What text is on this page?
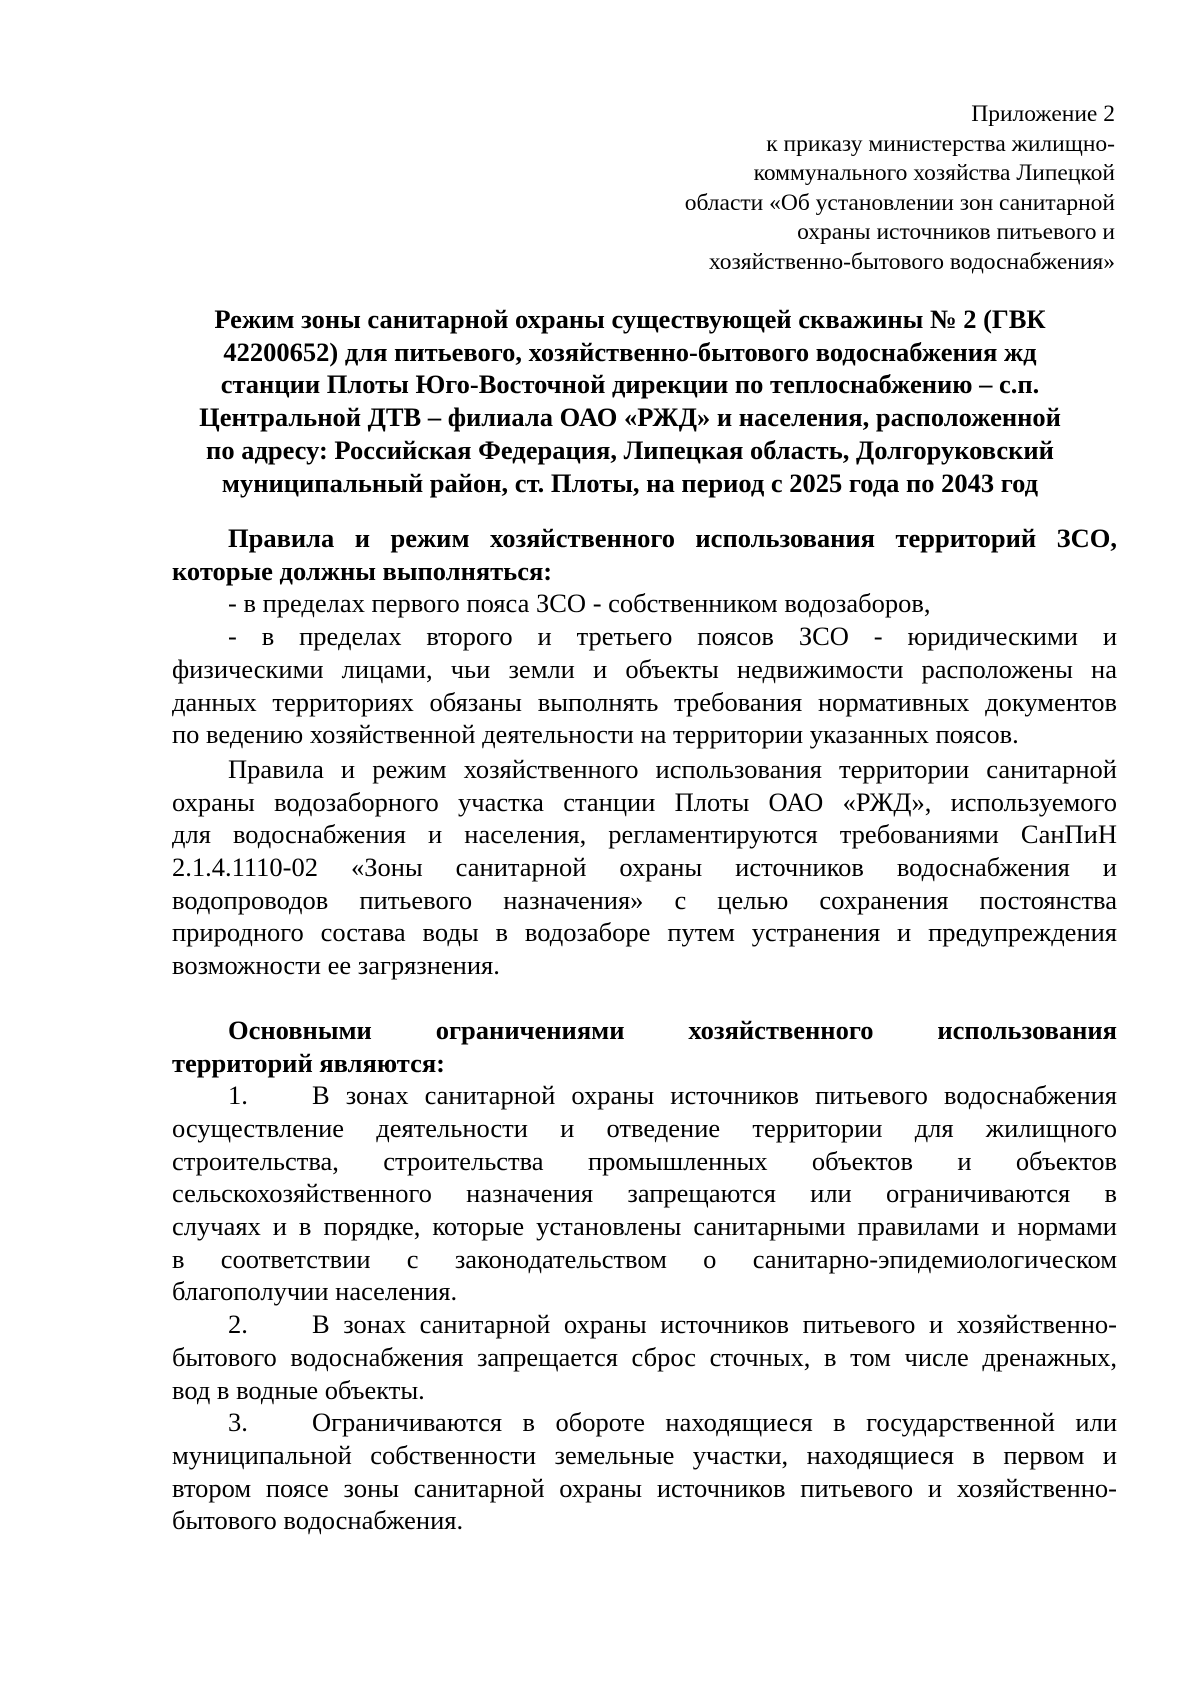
Приложение 2
к приказу министерства жилищно-
коммунального хозяйства Липецкой
области «Об установлении зон санитарной
охраны источников питьевого и
хозяйственно-бытового водоснабжения»
Режим зоны санитарной охраны существующей скважины № 2 (ГВК
42200652) для питьевого, хозяйственно-бытового водоснабжения жд
станции Плоты Юго-Восточной дирекции по теплоснабжению – с.п.
Центральной ДТВ – филиала ОАО «РЖД» и населения, расположенной
по адресу: Российская Федерация, Липецкая область, Долгоруковский
муниципальный район, ст. Плоты, на период с 2025 года по 2043 год
Правила и режим хозяйственного использования территорий ЗСО,
которые должны выполняться:
- в пределах первого пояса ЗСО - собственником водозаборов,
- в пределах второго и третьего поясов ЗСО - юридическими и
физическими лицами, чьи земли и объекты недвижимости расположены на
данных территориях обязаны выполнять требования нормативных документов
по ведению хозяйственной деятельности на территории указанных поясов.
Правила и режим хозяйственного использования территории санитарной
охраны водозаборного участка станции Плоты ОАО «РЖД», используемого
для водоснабжения и населения, регламентируются требованиями СанПиН
2.1.4.1110-02 «Зоны санитарной охраны источников водоснабжения и
водопроводов питьевого назначения» с целью сохранения постоянства
природного состава воды в водозаборе путем устранения и предупреждения
возможности ее загрязнения.
Основными ограничениями хозяйственного использования
территорий являются:
1.	В зонах санитарной охраны источников питьевого водоснабжения
осуществление деятельности и отведение территории для жилищного
строительства, строительства промышленных объектов и объектов
сельскохозяйственного назначения запрещаются или ограничиваются в
случаях и в порядке, которые установлены санитарными правилами и нормами
в соответствии с законодательством о санитарно-эпидемиологическом
благополучии населения.
2.	В зонах санитарной охраны источников питьевого и хозяйственно-
бытового водоснабжения запрещается сброс сточных, в том числе дренажных,
вод в водные объекты.
3.	Ограничиваются в обороте находящиеся в государственной или
муниципальной собственности земельные участки, находящиеся в первом и
втором поясе зоны санитарной охраны источников питьевого и хозяйственно-
бытового водоснабжения.
